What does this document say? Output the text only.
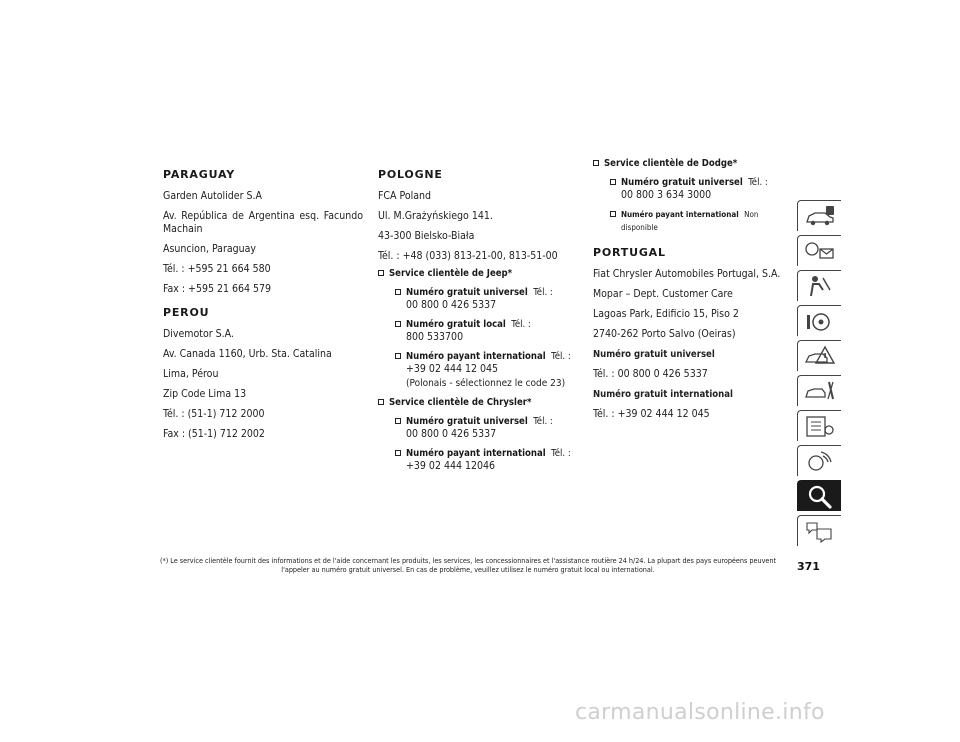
PARAGUAY

Garden Autolider S.A

Av. República de Argentina esq. Facundo Machain

Asuncion, Paraguay

Tél. : +595 21 664 580

Fax : +595 21 664 579

PEROU

Divemotor S.A.

Av. Canada 1160, Urb. Sta. Catalina

Lima, Pérou

Zip Code Lima 13

Tél. : (51-1) 712 2000

Fax : (51-1) 712 2002

POLOGNE

FCA Poland

Ul. M.Grażyńskiego 141.

43-300 Bielsko-Biała

Tél. : +48 (033) 813-21-00, 813-51-00

Service clientèle de Jeep*
Numéro gratuit universel Tél. :
00 800 0 426 5337
Numéro gratuit local Tél. :
800 533700
Numéro payant international Tél. :
+39 02 444 12 045
(Polonais - sélectionnez le code 23)
Service clientèle de Chrysler*
Numéro gratuit universel Tél. :
00 800 0 426 5337
Numéro payant international Tél. :
+39 02 444 12046
Service clientèle de Dodge*
Numéro gratuit universel Tél. :
00 800 3 634 3000
Numéro payant international Non disponible
PORTUGAL

Fiat Chrysler Automobiles Portugal, S.A.

Mopar – Dept. Customer Care

Lagoas Park, Edificio 15, Piso 2

2740-262 Porto Salvo (Oeiras)

Numéro gratuit universel

Tél. : 00 800 0 426 5337

Numéro gratuit international

Tél. : +39 02 444 12 045

(*) Le service clientèle fournit des informations et de l'aide concernant les produits, les services, les concessionnaires et l'assistance routière 24 h/24. La plupart des pays européens peuvent l'appeler au numéro gratuit universel. En cas de problème, veuillez utilisez le numéro gratuit local ou international.	371
carmanualsonline.info
